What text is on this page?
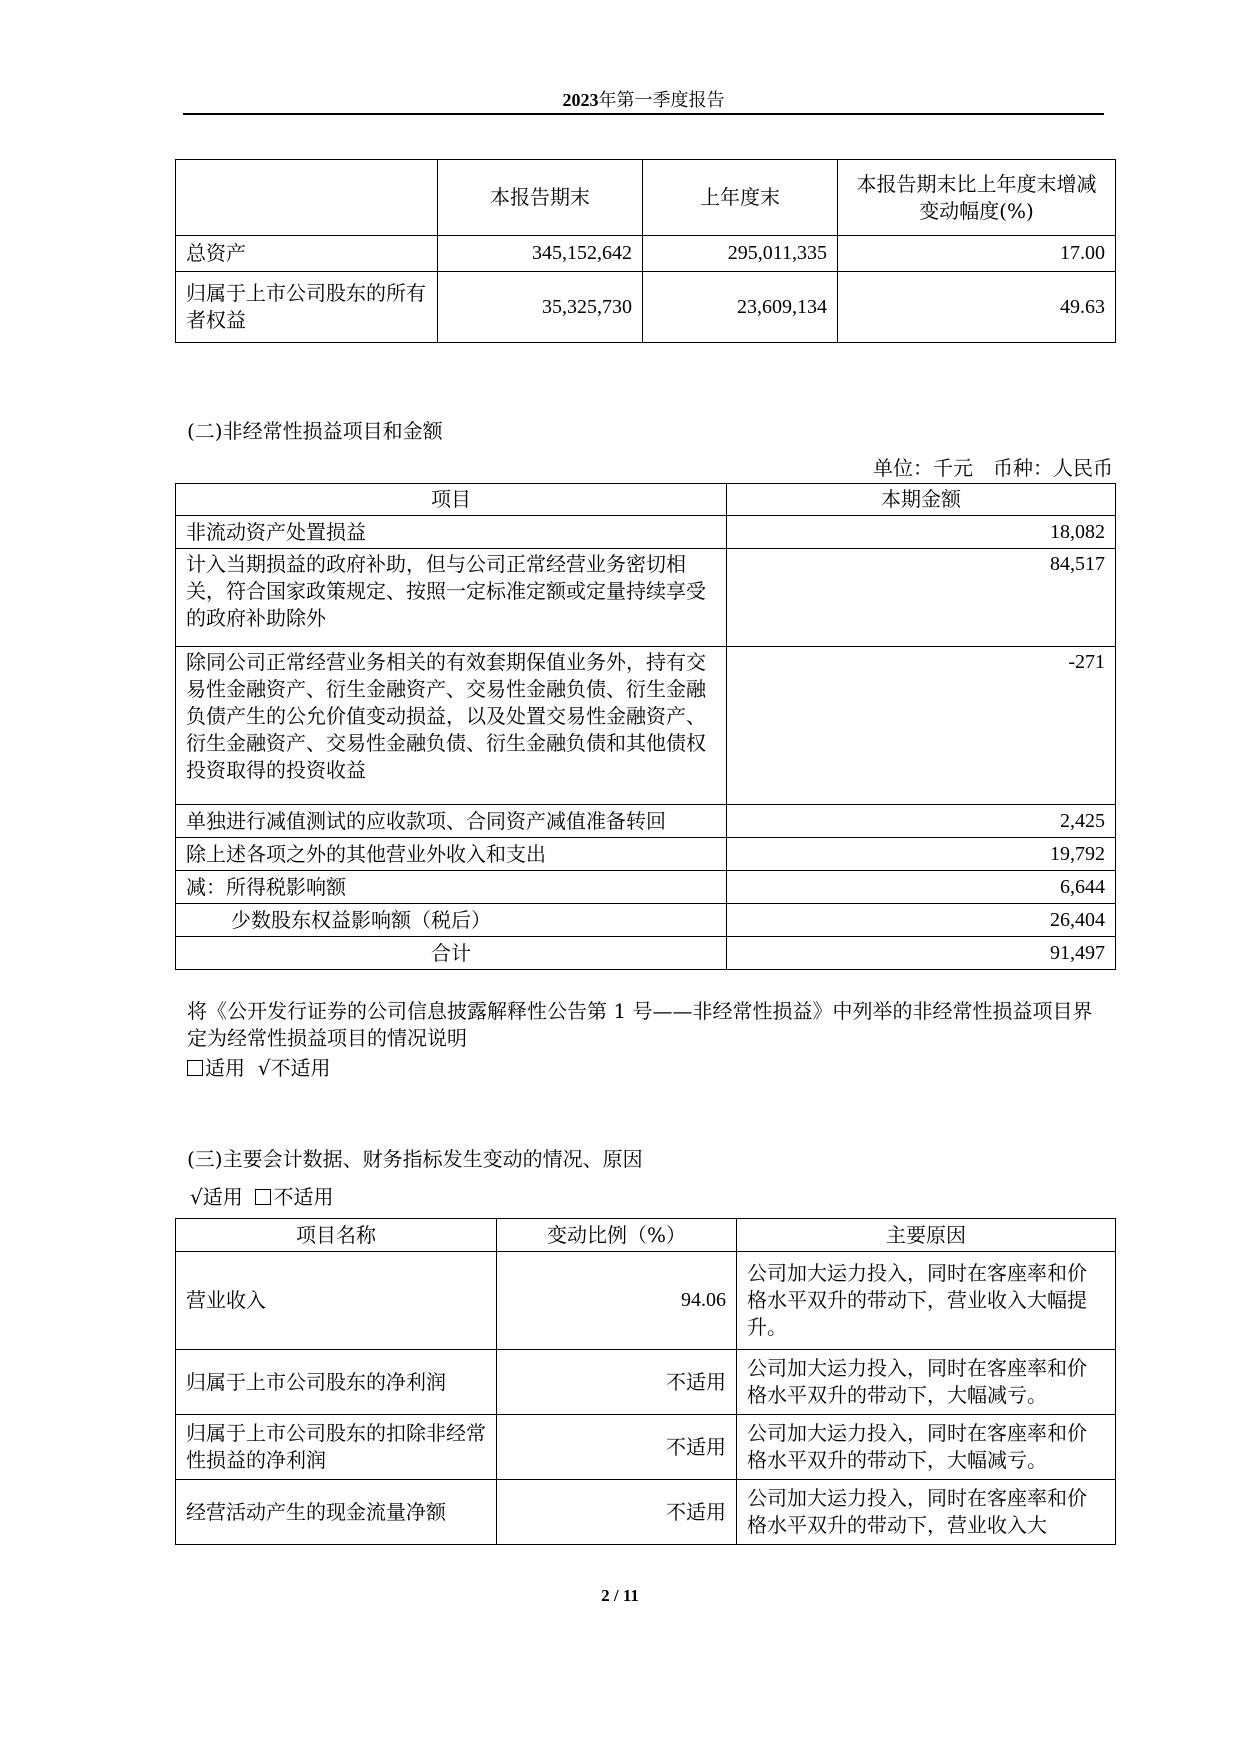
2023年第一季度报告
	本报告期末	上年度末	本报告期末比上年度末增减变动幅度(%)
总资产	345,152,642	295,011,335	17.00
归属于上市公司股东的所有者权益	35,325,730	23,609,134	49.63
(二)非经常性损益项目和金额
单位：千元　币种：人民币
项目	本期金额
非流动资产处置损益	18,082
计入当期损益的政府补助，但与公司正常经营业务密切相关，符合国家政策规定、按照一定标准定额或定量持续享受的政府补助除外	84,517
除同公司正常经营业务相关的有效套期保值业务外，持有交易性金融资产、衍生金融资产、交易性金融负债、衍生金融负债产生的公允价值变动损益，以及处置交易性金融资产、衍生金融资产、交易性金融负债、衍生金融负债和其他债权投资取得的投资收益	-271
单独进行减值测试的应收款项、合同资产减值准备转回	2,425
除上述各项之外的其他营业外收入和支出	19,792
减：所得税影响额	6,644
少数股东权益影响额（税后）	26,404
合计	91,497
将《公开发行证券的公司信息披露解释性公告第 1 号——非经常性损益》中列举的非经常性损益项目界定为经常性损益项目的情况说明
适用 √不适用
(三)主要会计数据、财务指标发生变动的情况、原因
√适用 不适用
项目名称	变动比例（%）	主要原因
营业收入	94.06	公司加大运力投入，同时在客座率和价格水平双升的带动下，营业收入大幅提升。
归属于上市公司股东的净利润	不适用	公司加大运力投入，同时在客座率和价格水平双升的带动下，大幅减亏。
归属于上市公司股东的扣除非经常性损益的净利润	不适用	公司加大运力投入，同时在客座率和价格水平双升的带动下，大幅减亏。
经营活动产生的现金流量净额	不适用	公司加大运力投入，同时在客座率和价格水平双升的带动下，营业收入大
2 / 11
